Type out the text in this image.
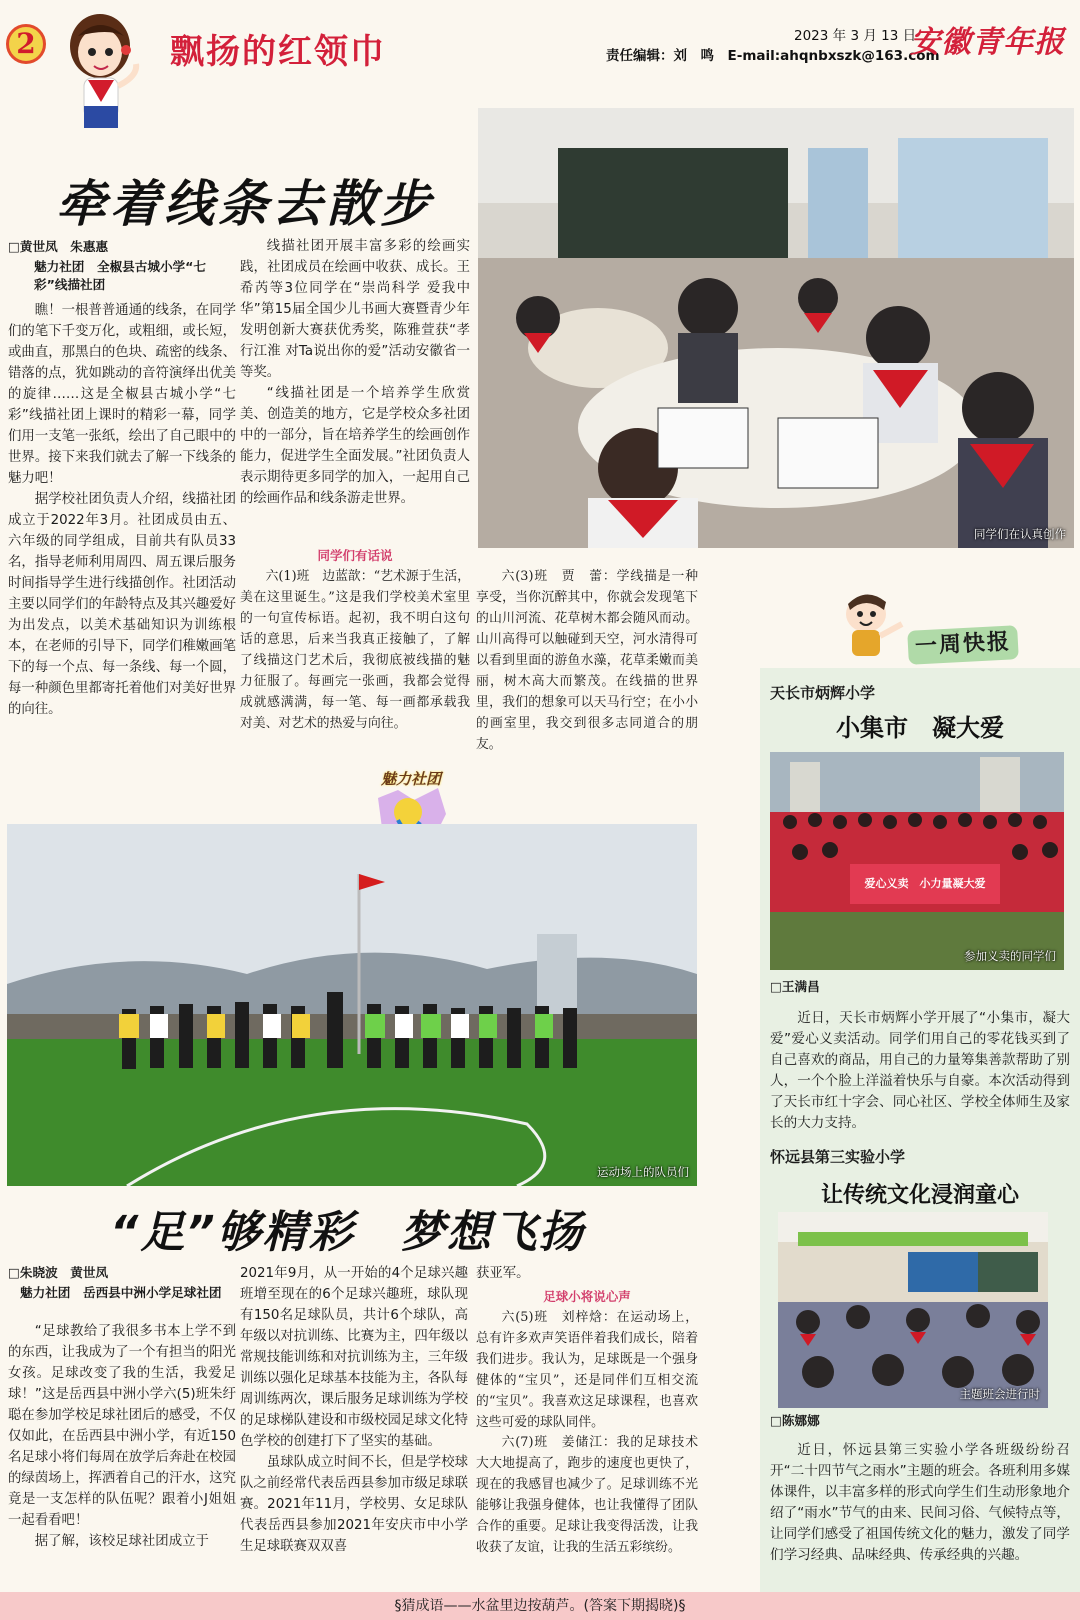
2	飘扬的红领巾	2023 年 3 月 13 日
责任编辑：刘　鸣　E-mail:ahqnbxszk@163.com
安徽青年报
牵着线条去散步
同学们在认真创作
□黄世凤　朱惠惠
魅力社团　全椒县古城小学“七彩”线描社团

瞧！一根普普通通的线条，在同学们的笔下千变万化，或粗细，或长短，或曲直，那黑白的色块、疏密的线条、错落的点，犹如跳动的音符演绎出优美的旋律……这是全椒县古城小学“七彩”线描社团上课时的精彩一幕，同学们用一支笔一张纸，绘出了自己眼中的世界。接下来我们就去了解一下线条的魅力吧！

据学校社团负责人介绍，线描社团成立于2022年3月。社团成员由五、六年级的同学组成，目前共有队员33名，指导老师利用周四、周五课后服务时间指导学生进行线描创作。社团活动主要以同学们的年龄特点及其兴趣爱好为出发点，以美术基础知识为训练根本，在老师的引导下，同学们稚嫩画笔下的每一个点、每一条线、每一个圆，每一种颜色里都寄托着他们对美好世界的向往。

线描社团开展丰富多彩的绘画实践，社团成员在绘画中收获、成长。王希芮等3位同学在“崇尚科学 爱我中华”第15届全国少儿书画大赛暨青少年发明创新大赛获优秀奖，陈雅萱获“孝行江淮 对Ta说出你的爱”活动安徽省一等奖。

“线描社团是一个培养学生欣赏美、创造美的地方，它是学校众多社团中的一部分，旨在培养学生的绘画创作能力，促进学生全面发展。”社团负责人表示期待更多同学的加入，一起用自己的绘画作品和线条游走世界。

同学们有话说
六(1)班　边蓝歆：“艺术源于生活，美在这里诞生。”这是我们学校美术室里的一句宣传标语。起初，我不明白这句话的意思，后来当我真正接触了，了解了线描这门艺术后，我彻底被线描的魅力征服了。每画完一张画，我都会觉得成就感满满，每一笔、每一画都承载我对美、对艺术的热爱与向往。
六(3)班　贾　蕾：学线描是一种享受，当你沉醉其中，你就会发现笔下的山川河流、花草树木都会随风而动。山川高得可以触碰到天空，河水清得可以看到里面的游鱼水藻，花草柔嫩而美丽，树木高大而繁茂。在线描的世界里，我们的想象可以天马行空；在小小的画室里，我交到很多志同道合的朋友。
魅力社团
运动场上的队员们
“足”够精彩　梦想飞扬
□朱晓波　黄世凤
魅力社团　岳西县中洲小学足球社团

“足球教给了我很多书本上学不到的东西，让我成为了一个有担当的阳光女孩。足球改变了我的生活，我爱足球！”这是岳西县中洲小学六(5)班朱纡聪在参加学校足球社团后的感受，不仅仅如此，在岳西县中洲小学，有近150名足球小将们每周在放学后奔赴在校园的绿茵场上，挥洒着自己的汗水，这究竟是一支怎样的队伍呢？跟着小J姐姐一起看看吧！

据了解，该校足球社团成立于

2021年9月，从一开始的4个足球兴趣班增至现在的6个足球兴趣班，球队现有150名足球队员，共计6个球队，高年级以对抗训练、比赛为主，四年级以常规技能训练和对抗训练为主，三年级训练以强化足球基本技能为主，各队每周训练两次，课后服务足球训练为学校的足球梯队建设和市级校园足球文化特色学校的创建打下了坚实的基础。

虽球队成立时间不长，但是学校球队之前经常代表岳西县参加市级足球联赛。2021年11月，学校男、女足球队代表岳西县参加2021年安庆市中小学生足球联赛双双喜

获亚军。
足球小将说心声
六(5)班　刘梓焓：在运动场上，总有许多欢声笑语伴着我们成长，陪着我们进步。我认为，足球既是一个强身健体的“宝贝”，还是同伴们互相交流的“宝贝”。我喜欢这足球课程，也喜欢这些可爱的球队同伴。
六(7)班　姜储江：我的足球技术大大地提高了，跑步的速度也更快了，现在的我感冒也减少了。足球训练不光能够让我强身健体，也让我懂得了团队合作的重要。足球让我变得活泼，让我收获了友谊，让我的生活五彩缤纷。
一周快报
天长市炳辉小学
小集市　凝大爱
爱心义卖　小力量凝大爱
参加义卖的同学们
□王满昌
近日，天长市炳辉小学开展了“小集市，凝大爱”爱心义卖活动。同学们用自己的零花钱买到了自己喜欢的商品，用自己的力量筹集善款帮助了别人，一个个脸上洋溢着快乐与自豪。本次活动得到了天长市红十字会、同心社区、学校全体师生及家长的大力支持。
怀远县第三实验小学
让传统文化浸润童心
主题班会进行时
□陈娜娜
近日，怀远县第三实验小学各班级纷纷召开“二十四节气之雨水”主题的班会。各班利用多媒体课件，以丰富多样的形式向学生们生动形象地介绍了“雨水”节气的由来、民间习俗、气候特点等，让同学们感受了祖国传统文化的魅力，激发了同学们学习经典、品味经典、传承经典的兴趣。
§猜成语——水盆里边按葫芦。(答案下期揭晓)§
